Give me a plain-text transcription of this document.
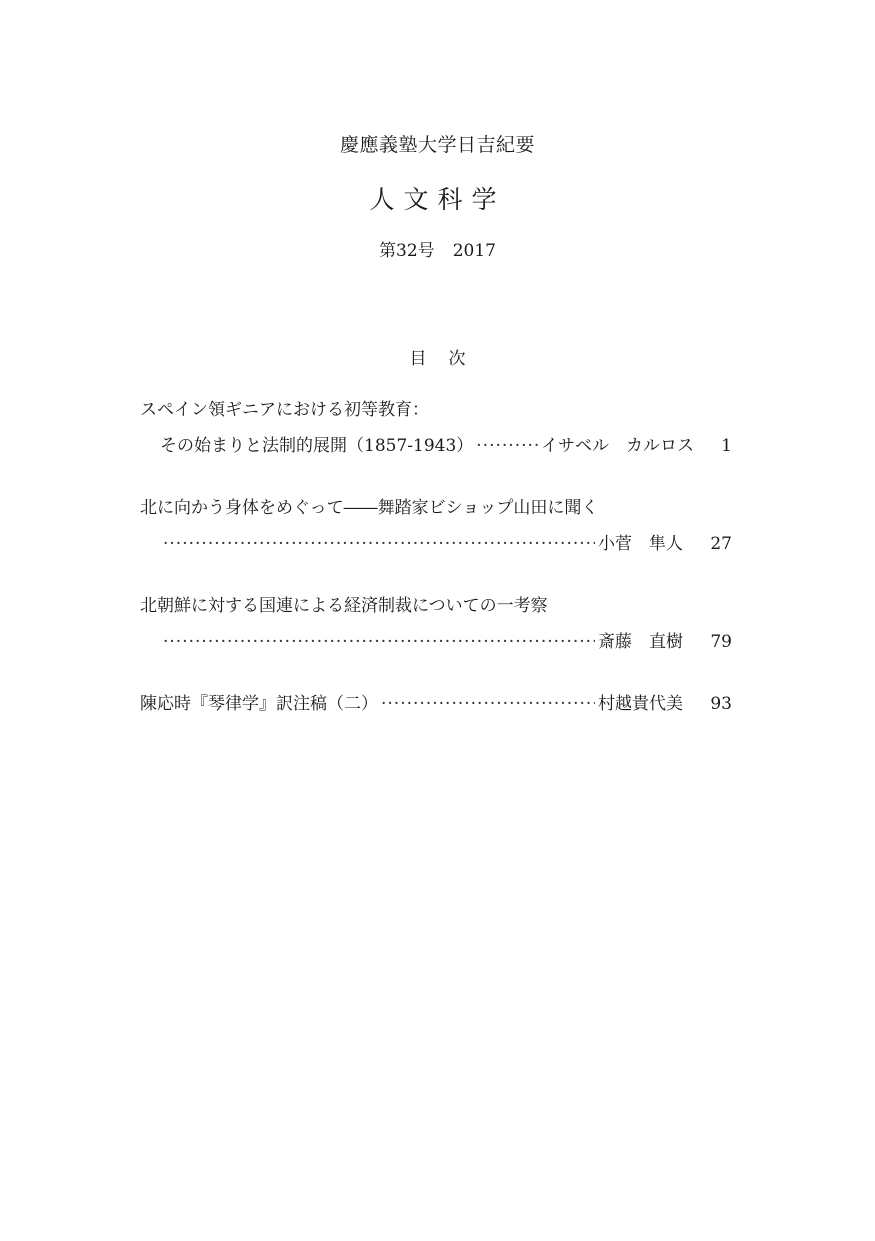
慶應義塾大学日吉紀要
人文科学
第32号 2017
目 次
スペイン領ギニアにおける初等教育：
その始まりと法制的展開（1857-1943） ·····	イサベル　カルロス	1
北に向かう身体をめぐって――舞踏家ビショップ山田に聞く
·····
小菅　隼人	27
北朝鮮に対する国連による経済制裁についての一考察
·····
斎藤　直樹	79
陳応時『琴律学』訳注稿（二） ·····	村越貴代美	93
